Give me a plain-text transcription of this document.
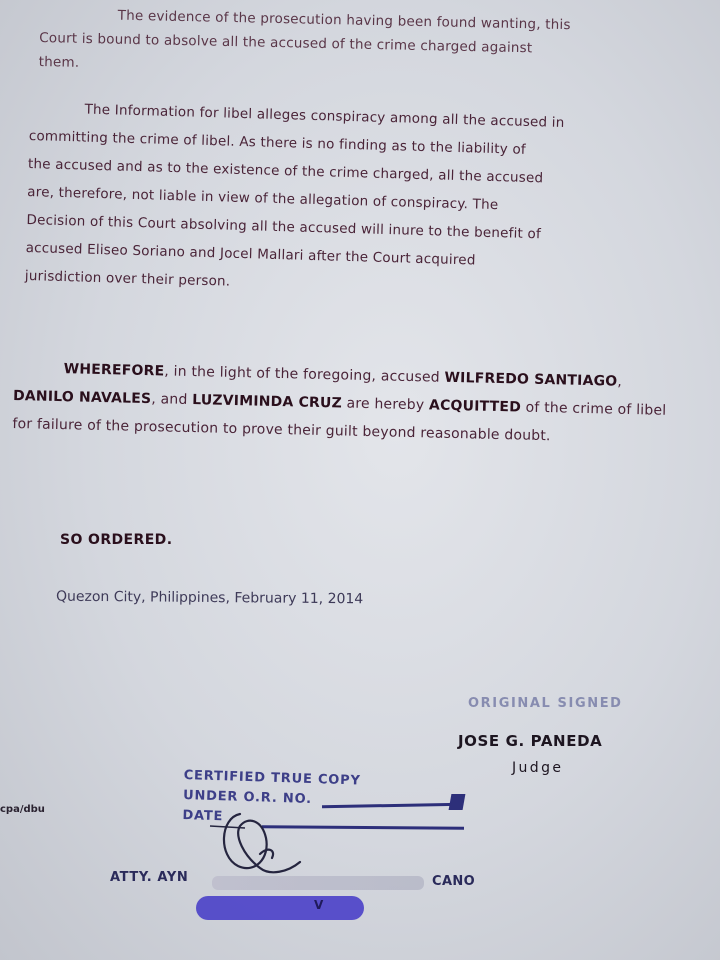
The evidence of the prosecution having been found wanting, this
Court is bound to absolve all the accused of the crime charged against
them.
The Information for libel alleges conspiracy among all the accused in
committing the crime of libel. As there is no finding as to the liability of
the accused and as to the existence of the crime charged, all the accused
are, therefore, not liable in view of the allegation of conspiracy. The
Decision of this Court absolving all the accused will inure to the benefit of
accused Eliseo Soriano and Jocel Mallari after the Court acquired
jurisdiction over their person.
WHEREFORE, in the light of the foregoing, accused WILFREDO SANTIAGO, DANILO NAVALES, and LUZVIMINDA CRUZ are hereby ACQUITTED of the crime of libel for failure of the prosecution to prove their guilt beyond reasonable doubt.
SO ORDERED.
Quezon City, Philippines, February 11, 2014
ORIGINAL SIGNED
JOSE G. PANEDA
Judge
CERTIFIED TRUE COPY
UNDER O.R. NO.
DATE
cpa/dbu
ATTY. AYN	CANO
V
